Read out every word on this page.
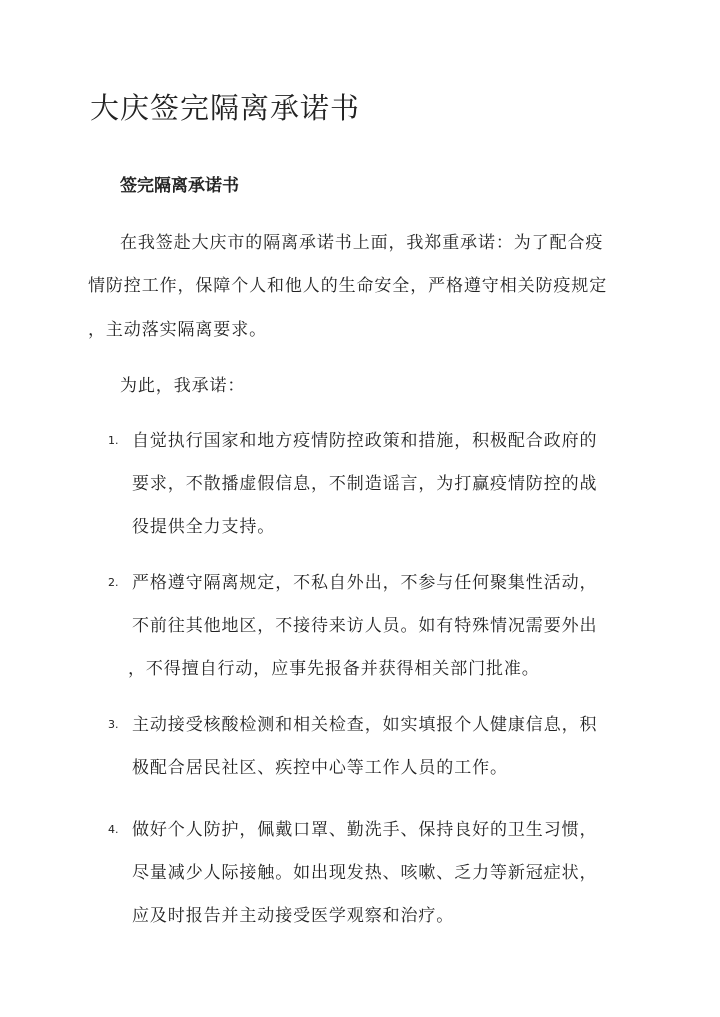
大庆签完隔离承诺书
签完隔离承诺书
在我签赴大庆市的隔离承诺书上面，我郑重承诺：为了配合疫
情防控工作，保障个人和他人的生命安全，严格遵守相关防疫规定
，主动落实隔离要求。
为此，我承诺：
1. 自觉执行国家和地方疫情防控政策和措施，积极配合政府的
要求，不散播虚假信息，不制造谣言，为打赢疫情防控的战
役提供全力支持。
2. 严格遵守隔离规定，不私自外出，不参与任何聚集性活动，
不前往其他地区，不接待来访人员。如有特殊情况需要外出
，不得擅自行动，应事先报备并获得相关部门批准。
3. 主动接受核酸检测和相关检查，如实填报个人健康信息，积
极配合居民社区、疾控中心等工作人员的工作。
4. 做好个人防护，佩戴口罩、勤洗手、保持良好的卫生习惯，
尽量减少人际接触。如出现发热、咳嗽、乏力等新冠症状，
应及时报告并主动接受医学观察和治疗。
